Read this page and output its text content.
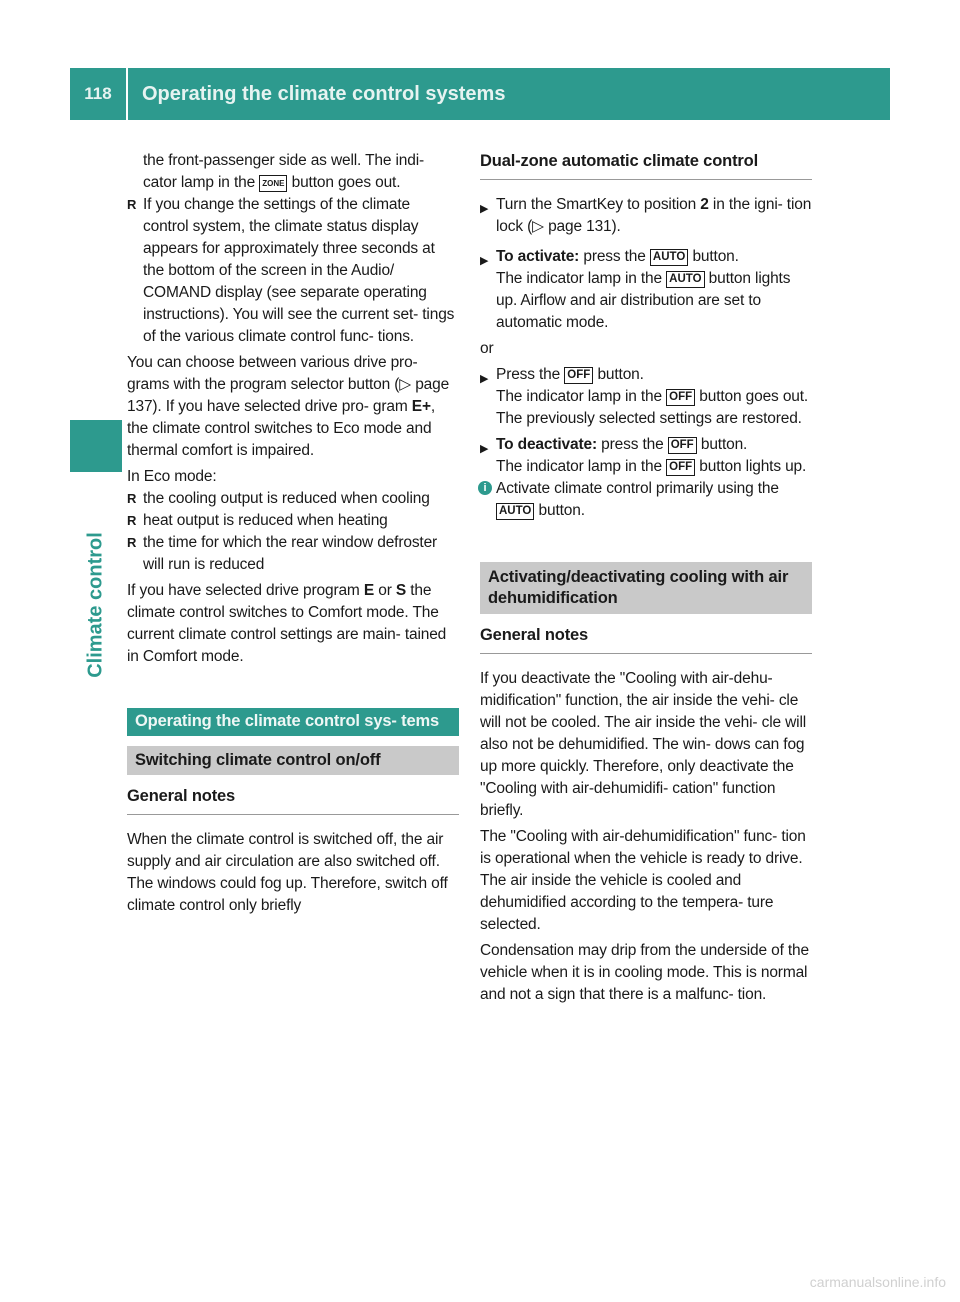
118	Operating the climate control systems
Climate control

the front-passenger side as well. The indi-
cator lamp in the ZONE button goes out.

R If you change the settings of the climate control system, the climate status display appears for approximately three seconds at the bottom of the screen in the Audio/ COMAND display (see separate operating instructions). You will see the current set- tings of the various climate control func- tions.

You can choose between various drive pro- grams with the program selector button (▷ page 137). If you have selected drive pro- gram E+, the climate control switches to Eco mode and thermal comfort is impaired.

In Eco mode:

R the cooling output is reduced when cooling

R heat output is reduced when heating

R the time for which the rear window defroster will run is reduced

If you have selected drive program E or S the climate control switches to Comfort mode. The current climate control settings are main- tained in Comfort mode.

Operating the climate control sys- tems

Switching climate control on/off

General notes

When the climate control is switched off, the air supply and air circulation are also switched off. The windows could fog up. Therefore, switch off climate control only briefly

Dual-zone automatic climate control

▶ Turn the SmartKey to position 2 in the igni- tion lock (▷ page 131).

▶ To activate: press the AUTO button.
The indicator lamp in the AUTO button lights up. Airflow and air distribution are set to automatic mode.

or

▶ Press the OFF button.
The indicator lamp in the OFF button goes out. The previously selected settings are restored.

▶ To deactivate: press the OFF button.
The indicator lamp in the OFF button lights up.

i Activate climate control primarily using the AUTO button.

Activating/deactivating cooling with air dehumidification

General notes

If you deactivate the "Cooling with air-dehu- midification" function, the air inside the vehi- cle will not be cooled. The air inside the vehi- cle will also not be dehumidified. The win- dows can fog up more quickly. Therefore, only deactivate the "Cooling with air-dehumidifi- cation" function briefly.

The "Cooling with air-dehumidification" func- tion is operational when the vehicle is ready to drive. The air inside the vehicle is cooled and dehumidified according to the tempera- ture selected.

Condensation may drip from the underside of the vehicle when it is in cooling mode. This is normal and not a sign that there is a malfunc- tion.

carmanualsonline.info
